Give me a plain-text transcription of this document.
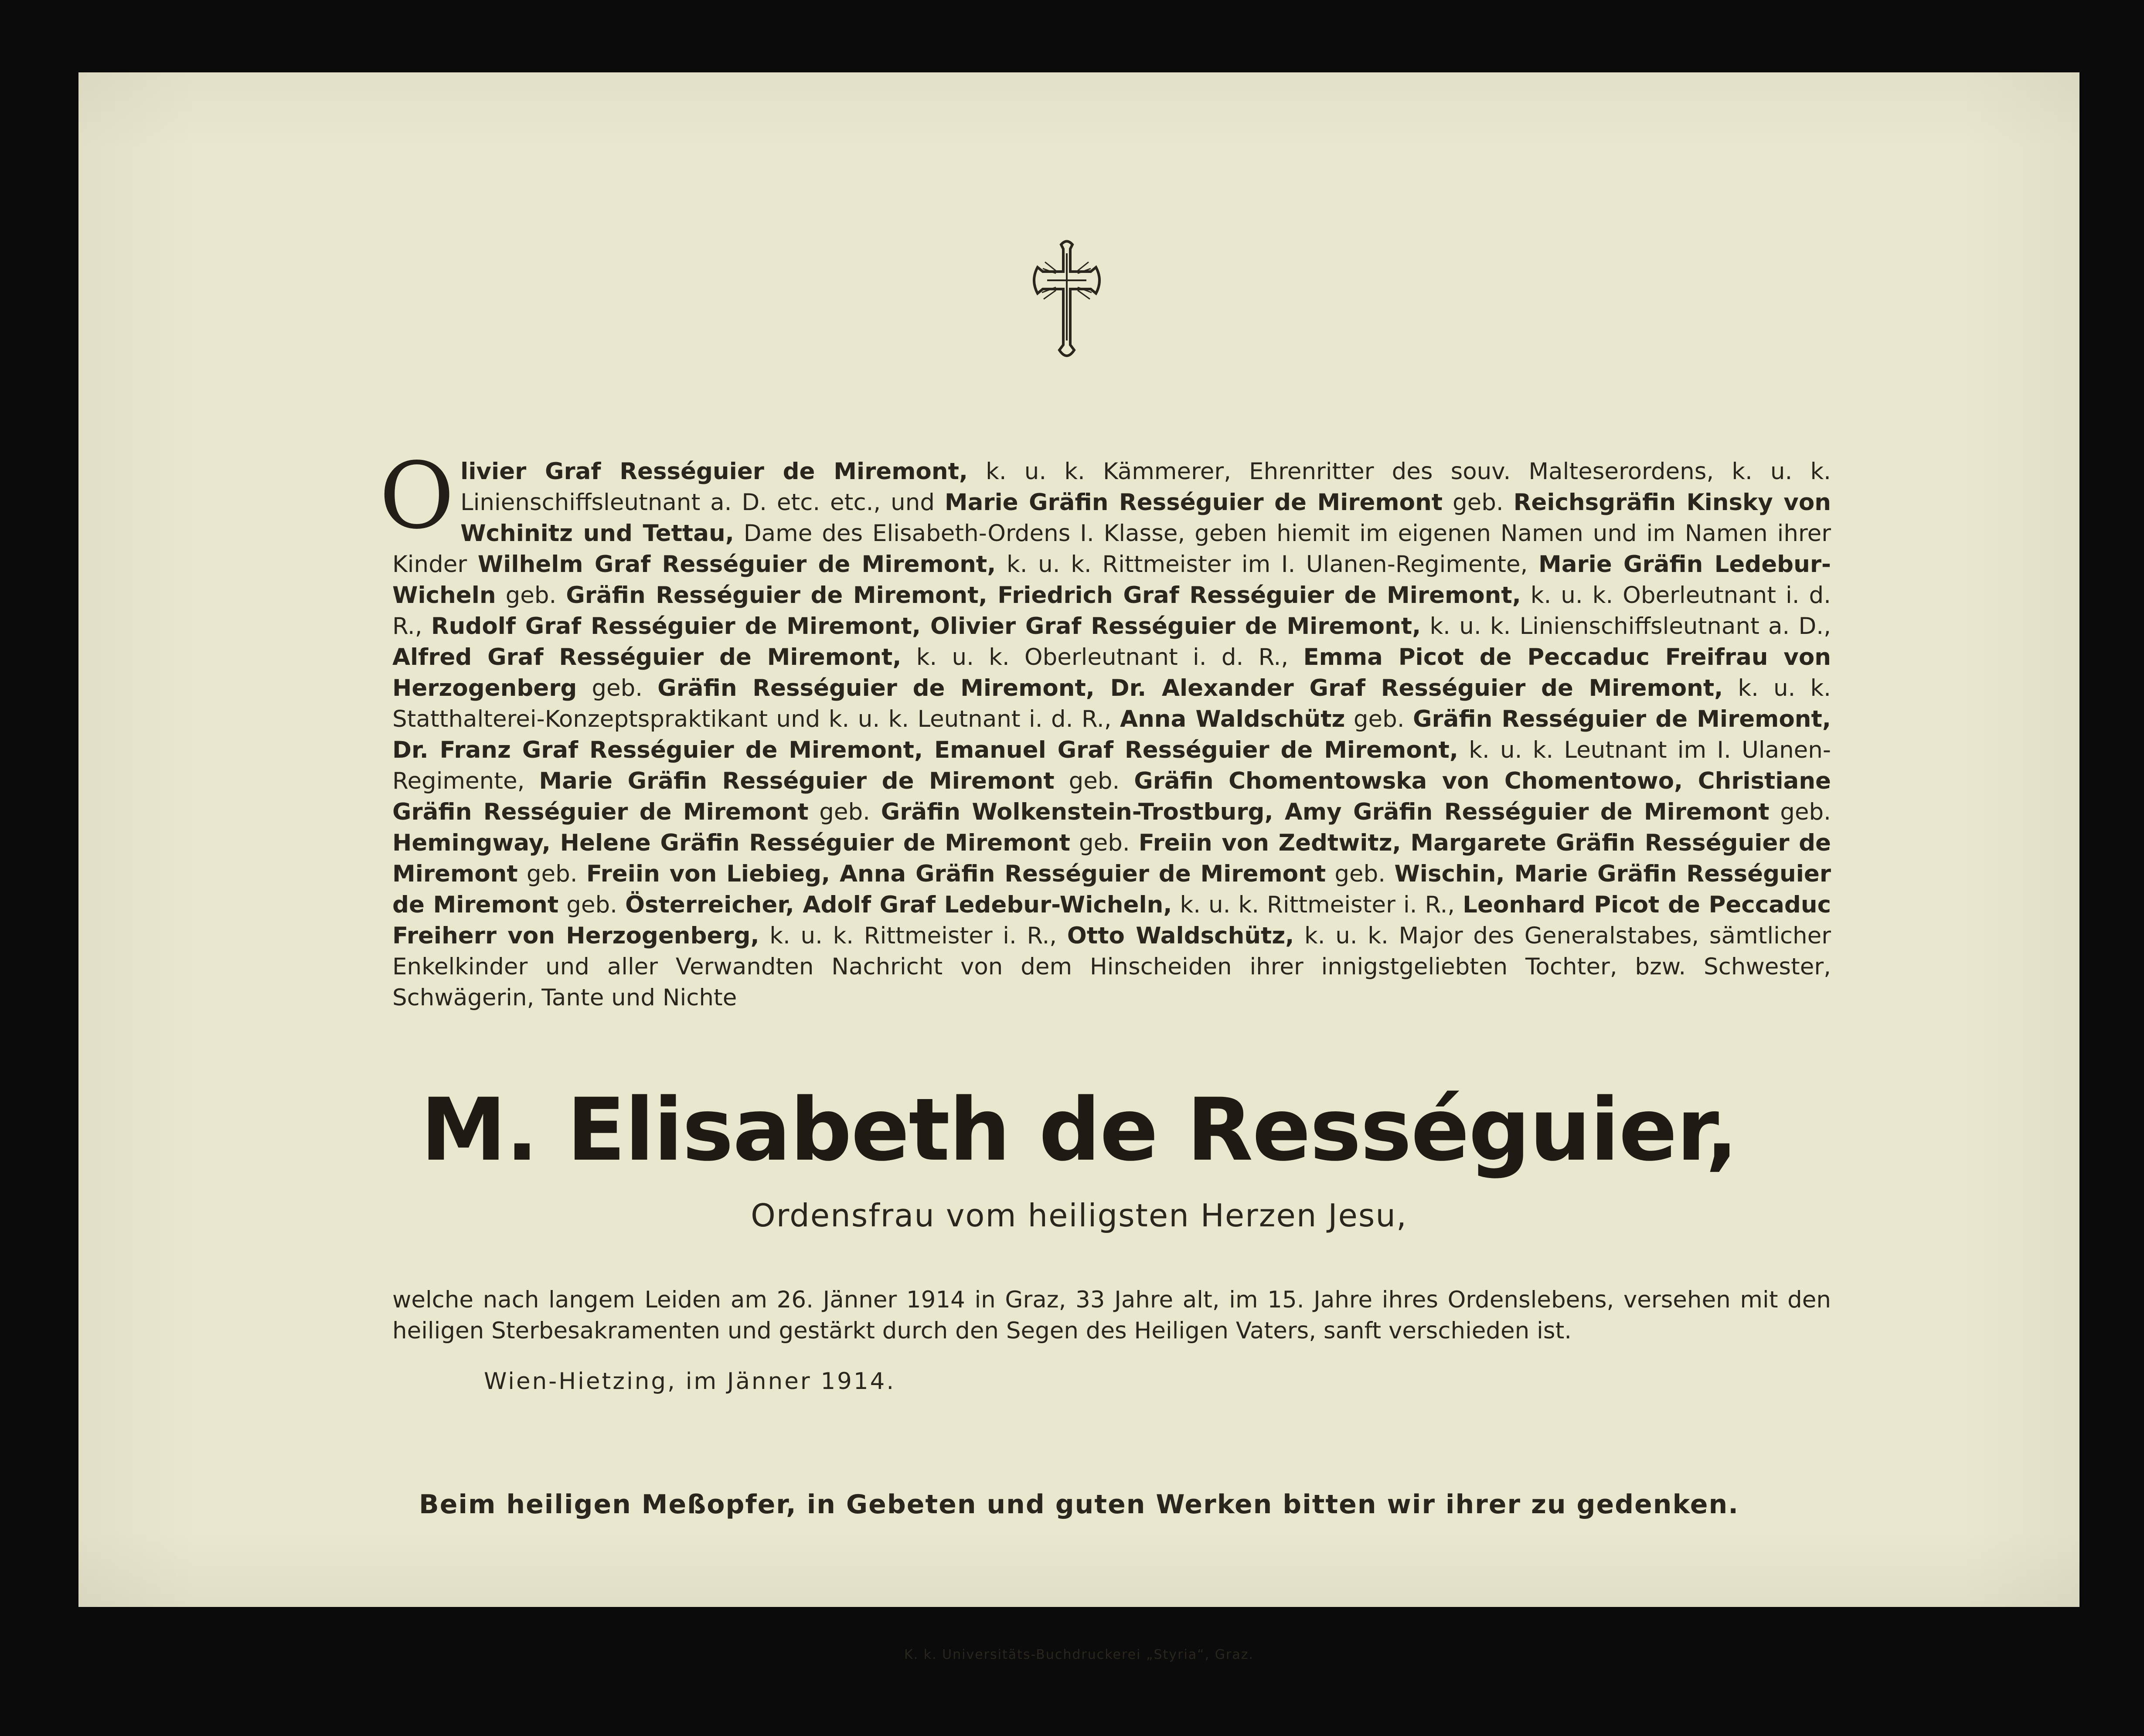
Olivier Graf Rességuier de Miremont, k. u. k. Kämmerer, Ehrenritter des souv. Malteserordens, k. u. k. Linienschiffsleutnant a. D. etc. etc., und Marie Gräfin Rességuier de Miremont geb. Reichsgräfin Kinsky von Wchinitz und Tettau, Dame des Elisabeth-Ordens I. Klasse, geben hiemit im eigenen Namen und im Namen ihrer Kinder Wilhelm Graf Rességuier de Miremont, k. u. k. Rittmeister im I. Ulanen-Regimente, Marie Gräfin Ledebur-Wicheln geb. Gräfin Rességuier de Miremont, Friedrich Graf Rességuier de Miremont, k. u. k. Oberleutnant i. d. R., Rudolf Graf Rességuier de Miremont, Olivier Graf Rességuier de Miremont, k. u. k. Linienschiffsleutnant a. D., Alfred Graf Rességuier de Miremont, k. u. k. Oberleutnant i. d. R., Emma Picot de Peccaduc Freifrau von Herzogenberg geb. Gräfin Rességuier de Miremont, Dr. Alexander Graf Rességuier de Miremont, k. u. k. Statthalterei-Konzeptspraktikant und k. u. k. Leutnant i. d. R., Anna Waldschütz geb. Gräfin Rességuier de Miremont, Dr. Franz Graf Rességuier de Miremont, Emanuel Graf Rességuier de Miremont, k. u. k. Leutnant im I. Ulanen-Regimente, Marie Gräfin Rességuier de Miremont geb. Gräfin Chomentowska von Chomentowo, Christiane Gräfin Rességuier de Miremont geb. Gräfin Wolkenstein-Trostburg, Amy Gräfin Rességuier de Miremont geb. Hemingway, Helene Gräfin Rességuier de Miremont geb. Freiin von Zedtwitz, Margarete Gräfin Rességuier de Miremont geb. Freiin von Liebieg, Anna Gräfin Rességuier de Miremont geb. Wischin, Marie Gräfin Rességuier de Miremont geb. Österreicher, Adolf Graf Ledebur-Wicheln, k. u. k. Rittmeister i. R., Leonhard Picot de Peccaduc Freiherr von Herzogenberg, k. u. k. Rittmeister i. R., Otto Waldschütz, k. u. k. Major des Generalstabes, sämtlicher Enkelkinder und aller Verwandten Nachricht von dem Hinscheiden ihrer innigstgeliebten Tochter, bzw. Schwester, Schwägerin, Tante und Nichte
M. Elisabeth de Rességuier,
Ordensfrau vom heiligsten Herzen Jesu,
welche nach langem Leiden am 26. Jänner 1914 in Graz, 33 Jahre alt, im 15. Jahre ihres Ordenslebens, versehen mit den heiligen Sterbesakramenten und gestärkt durch den Segen des Heiligen Vaters, sanft verschieden ist.
Wien-Hietzing, im Jänner 1914.
Beim heiligen Meßopfer, in Gebeten und guten Werken bitten wir ihrer zu gedenken.
K. k. Universitäts-Buchdruckerei „Styria“, Graz.
